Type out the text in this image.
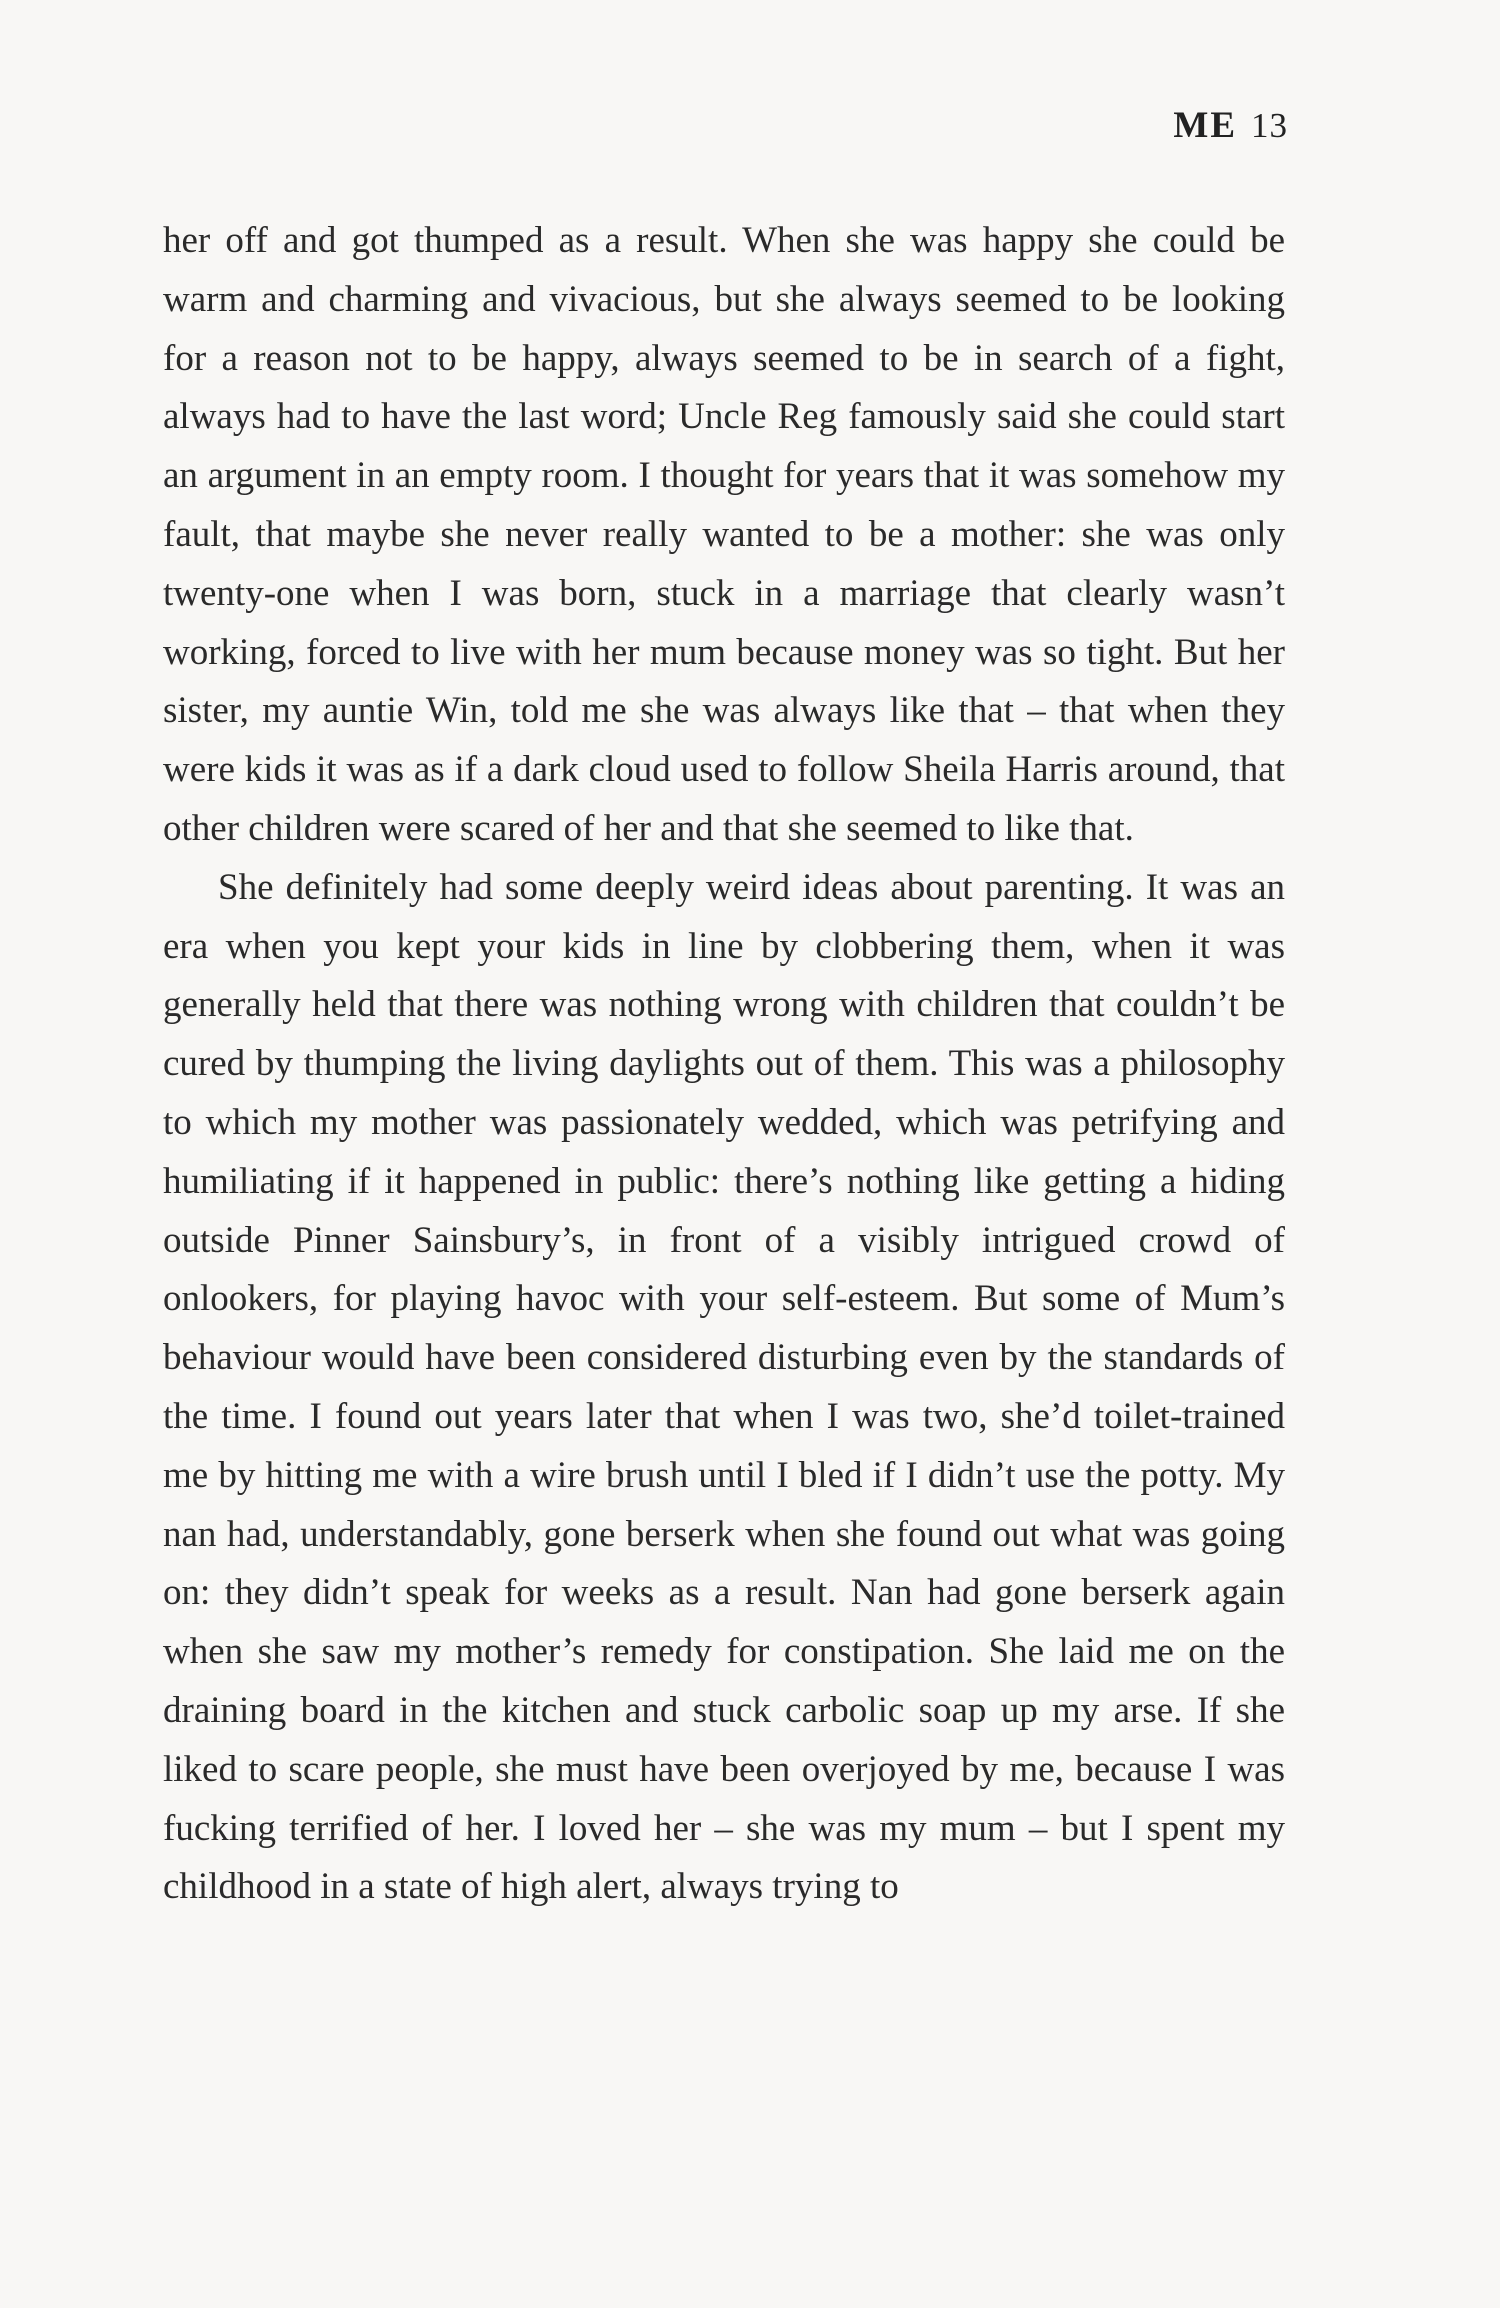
ME 13

her off and got thumped as a result. When she was happy she could be warm and charming and vivacious, but she always seemed to be looking for a reason not to be happy, always seemed to be in search of a fight, always had to have the last word; Uncle Reg famously said she could start an argument in an empty room. I thought for years that it was somehow my fault, that maybe she never really wanted to be a mother: she was only twenty-one when I was born, stuck in a marriage that clearly wasn’t working, forced to live with her mum because money was so tight. But her sister, my auntie Win, told me she was always like that – that when they were kids it was as if a dark cloud used to follow Sheila Harris around, that other children were scared of her and that she seemed to like that.

She definitely had some deeply weird ideas about parenting. It was an era when you kept your kids in line by clobbering them, when it was generally held that there was nothing wrong with children that couldn’t be cured by thumping the living daylights out of them. This was a philosophy to which my mother was passionately wedded, which was petrifying and humiliating if it happened in public: there’s nothing like getting a hiding outside Pinner Sainsbury’s, in front of a visibly intrigued crowd of onlookers, for playing havoc with your self-esteem. But some of Mum’s behaviour would have been considered disturbing even by the standards of the time. I found out years later that when I was two, she’d toilet-trained me by hitting me with a wire brush until I bled if I didn’t use the potty. My nan had, understandably, gone berserk when she found out what was going on: they didn’t speak for weeks as a result. Nan had gone berserk again when she saw my mother’s remedy for constipation. She laid me on the draining board in the kitchen and stuck carbolic soap up my arse. If she liked to scare people, she must have been overjoyed by me, because I was fucking terrified of her. I loved her – she was my mum – but I spent my childhood in a state of high alert, always trying to
